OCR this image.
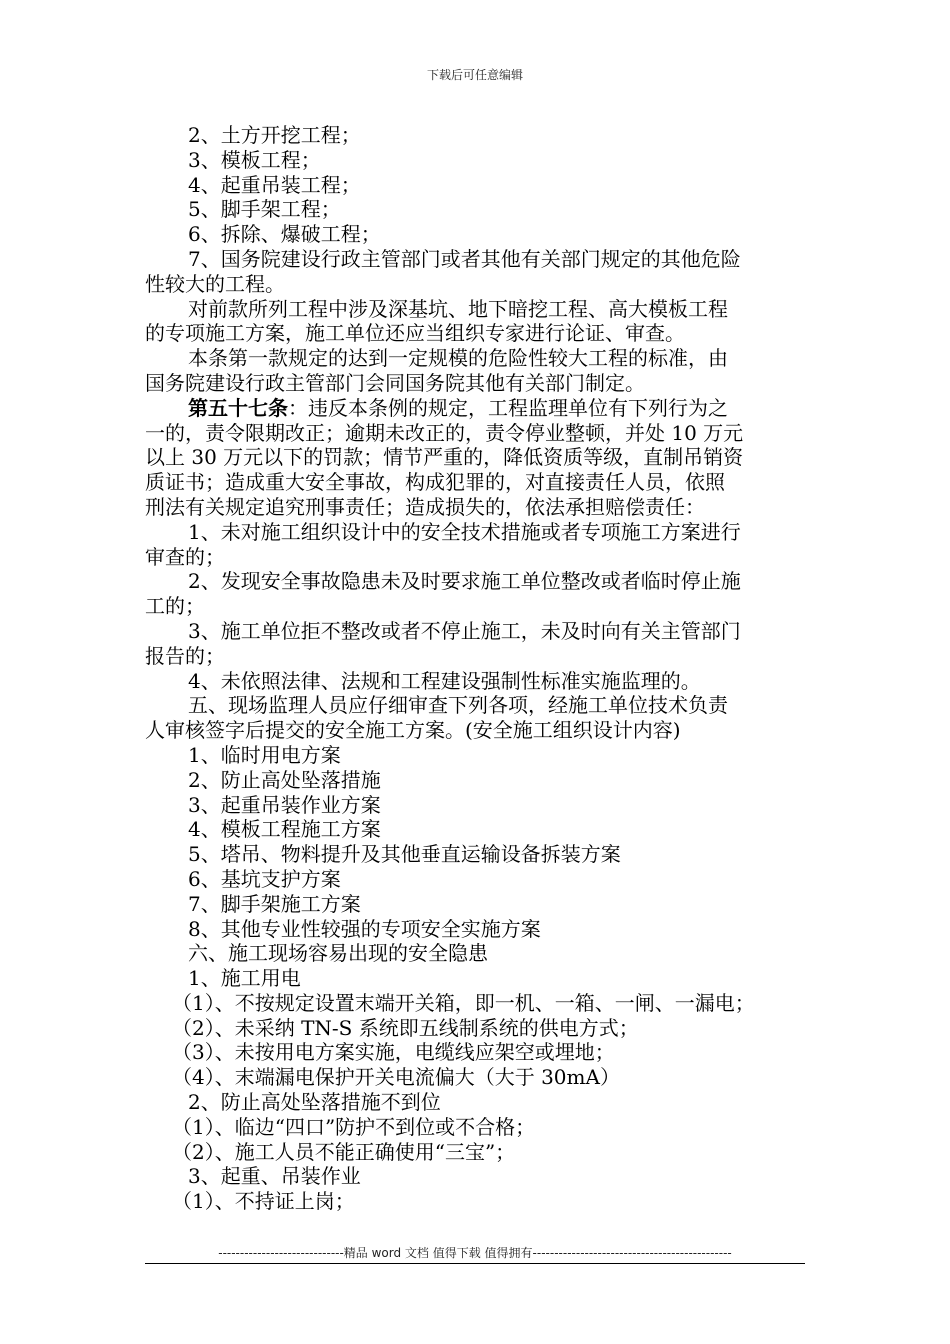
下载后可任意编辑
2、土方开挖工程；
3、模板工程；
4、起重吊装工程；
5、脚手架工程；
6、拆除、爆破工程；
7、国务院建设行政主管部门或者其他有关部门规定的其他危险
性较大的工程。
对前款所列工程中涉及深基坑、地下暗挖工程、高大模板工程
的专项施工方案，施工单位还应当组织专家进行论证、审查。
本条第一款规定的达到一定规模的危险性较大工程的标准，由
国务院建设行政主管部门会同国务院其他有关部门制定。
第五十七条：违反本条例的规定，工程监理单位有下列行为之
一的，责令限期改正；逾期未改正的，责令停业整顿，并处 10 万元
以上 30 万元以下的罚款；情节严重的，降低资质等级，直制吊销资
质证书；造成重大安全事故，构成犯罪的，对直接责任人员，依照
刑法有关规定追究刑事责任；造成损失的，依法承担赔偿责任：
1、未对施工组织设计中的安全技术措施或者专项施工方案进行
审查的；
2、发现安全事故隐患未及时要求施工单位整改或者临时停止施
工的；
3、施工单位拒不整改或者不停止施工，未及时向有关主管部门
报告的；
4、未依照法律、法规和工程建设强制性标准实施监理的。
五、现场监理人员应仔细审查下列各项，经施工单位技术负责
人审核签字后提交的安全施工方案。(安全施工组织设计内容)
1、临时用电方案
2、防止高处坠落措施
3、起重吊装作业方案
4、模板工程施工方案
5、塔吊、物料提升及其他垂直运输设备拆装方案
6、基坑支护方案
7、脚手架施工方案
8、其他专业性较强的专项安全实施方案
六、施工现场容易出现的安全隐患
1、施工用电
（1）、不按规定设置末端开关箱，即一机、一箱、一闸、一漏电；
（2）、未采纳 TN-S 系统即五线制系统的供电方式；
（3）、未按用电方案实施，电缆线应架空或埋地；
（4）、末端漏电保护开关电流偏大（大于 30mA）
2、防止高处坠落措施不到位
（1）、临边“四口”防护不到位或不合格；
（2）、施工人员不能正确使用“三宝”；
3、起重、吊装作业
（1）、不持证上岗；
-----------------------------精品 word 文档 值得下载 值得拥有----------------------------------------------
